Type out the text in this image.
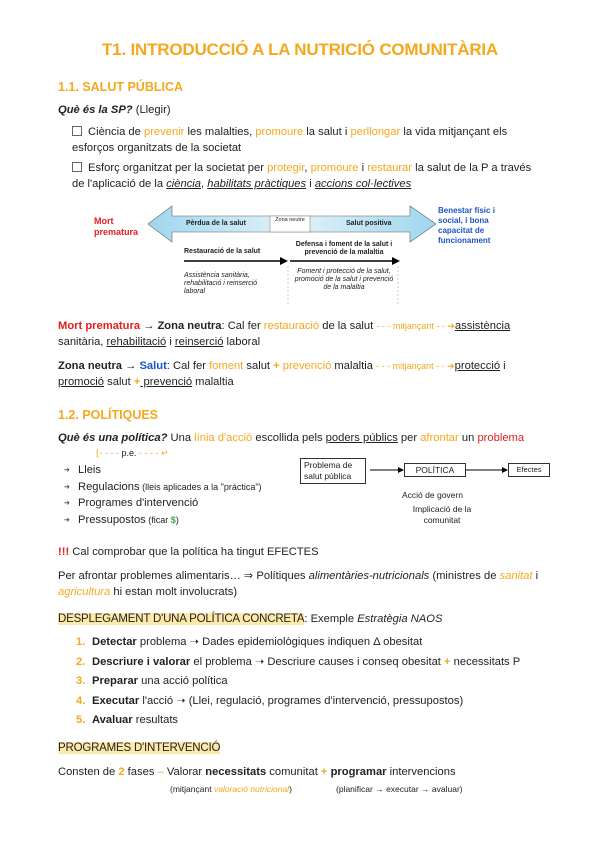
T1. INTRODUCCIÓ A LA NUTRICIÓ COMUNITÀRIA
1.1. SALUT PÚBLICA
Què és la SP? (Llegir)
Ciència de prevenir les malalties, promoure la salut i perllongar la vida mitjançant els esforços organitzats de la societat
Esforç organitzat per la societat per protegir, promoure i restaurar la salut de la P a través de l'aplicació de la ciència, habilitats pràctiques i accions col·lectives
Mort prematura
Benestar físic i social, i bona capacitat de funcionament
Pèrdua de la salut	Zona neutre	Salut positiva
Restauració de la salut
Defensa i foment de la salut i prevenció de la malaltia
Assistència sanitària, rehabilitació i reinserció laboral
Foment i protecció de la salut, promoció de la salut i prevenció de la malaltia
Mort prematura → Zona neutra: Cal fer restauració de la salut - - - mitjançant - - ➔assistència sanitària, rehabilitació i reinserció laboral
Zona neutra → Salut: Cal fer foment salut + prevenció malaltia - - - mitjançant - - ➔protecció i promoció salut + prevenció malaltia
1.2. POLÍTIQUES
Què és una política? Una línia d'acció escollida pels poders públics per afrontar un problema
⌊- - - - p.e. - - - - ↵
➔ Lleis
➔ Regulacions (lleis aplicades a la "pràctica")
➔ Programes d'intervenció
➔ Pressupostos (ficar $)
Problema de salut pública
POLÍTICA	Efectes
Acció de govern
Implicació de la comunitat
!!! Cal comprobar que la política ha tingut EFECTES
Per afrontar problemes alimentaris… ⇒ Polítiques alimentàries-nutricionals (ministres de sanitat i agricultura hi estan molt involucrats)
DESPLEGAMENT D'UNA POLÍTICA CONCRETA: Exemple Estratègia NAOS
1. Detectar problema ➝ Dades epidemiològiques indiquen Δ obesitat
2. Descriure i valorar el problema ➝ Descriure causes i conseq obesitat + necessitats P
3. Preparar una acció política
4. Executar l'acció ➝ (Llei, regulació, programes d'intervenció, pressupostos)
5. Avaluar resultats
PROGRAMES D'INTERVENCIÓ
Consten de 2 fases – Valorar necessitats comunitat + programar intervencions
(mitjançant valoració nutricional)	(planificar → executar → avaluar)
